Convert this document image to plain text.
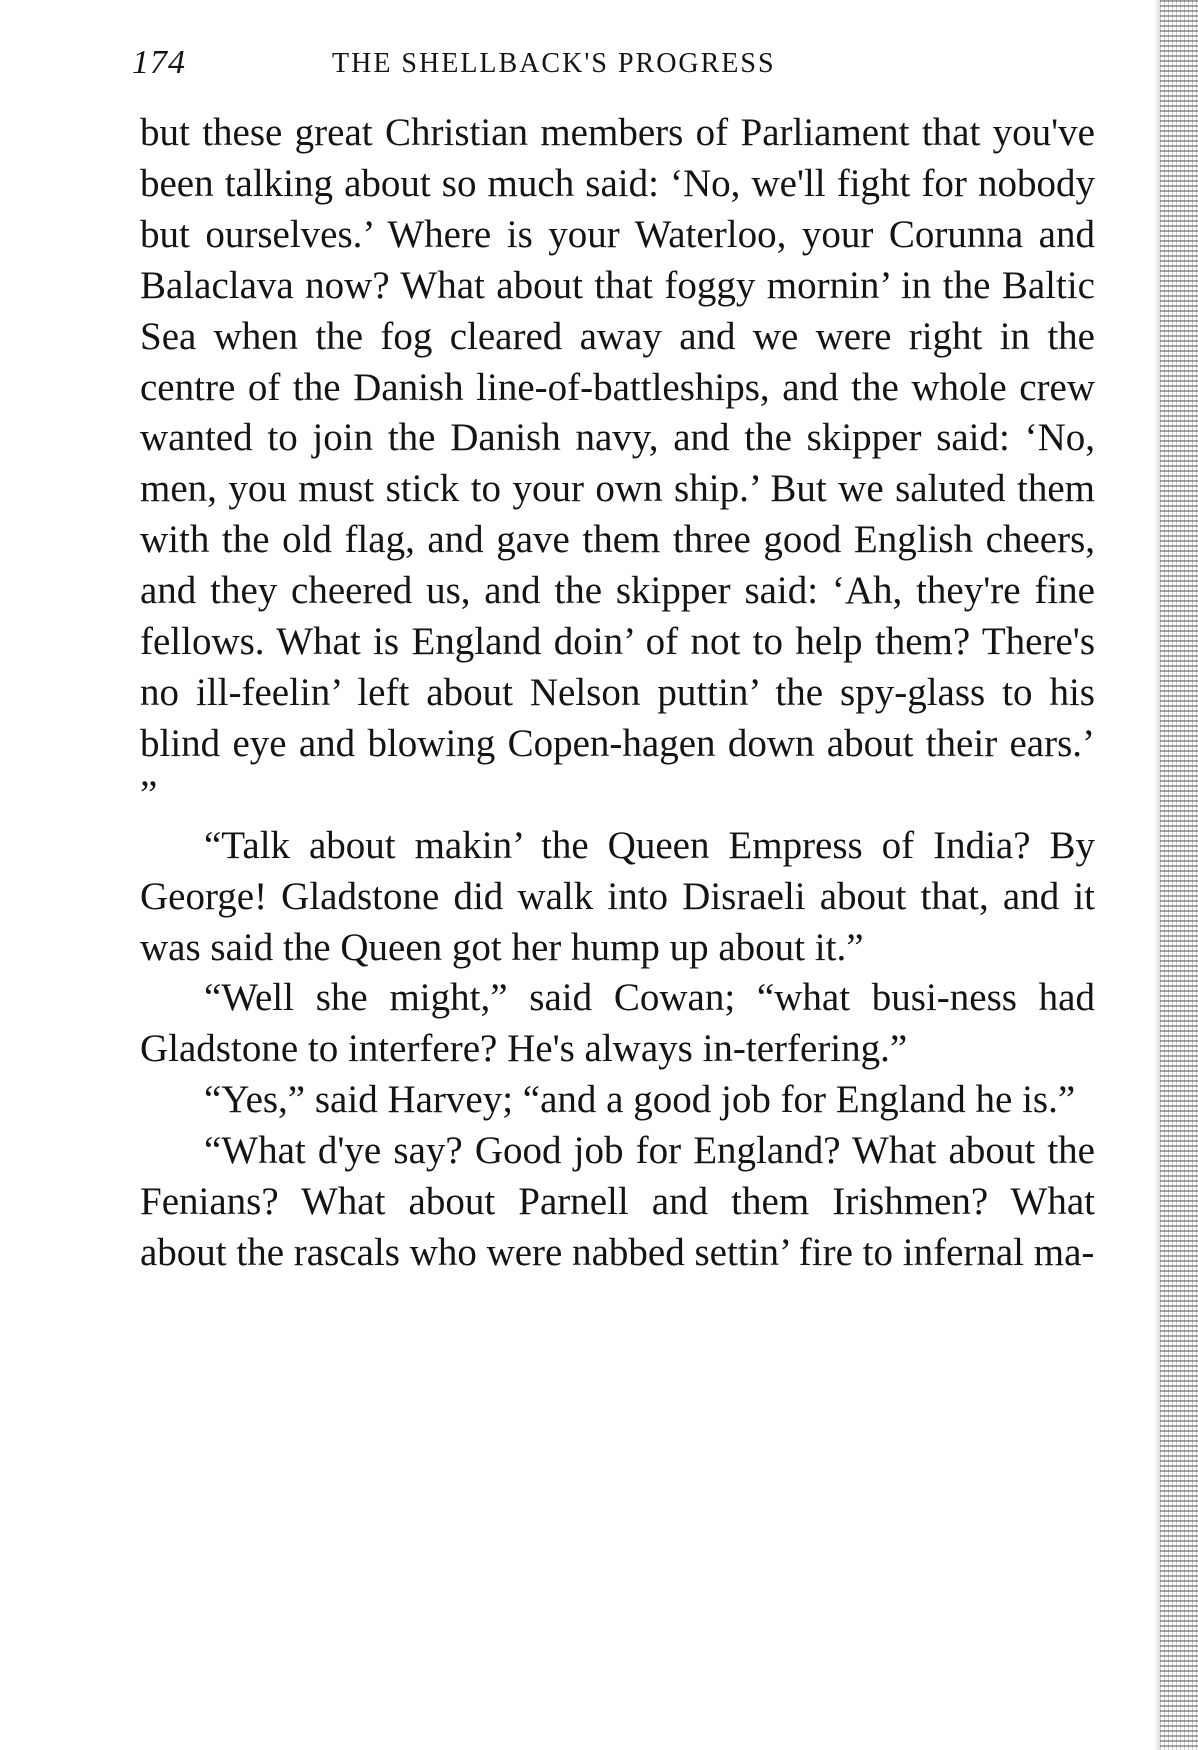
174	THE SHELLBACK'S PROGRESS

but these great Christian members of Parliament that you've been talking about so much said: ‘No, we'll fight for nobody but ourselves.’ Where is your Waterloo, your Corunna and Balaclava now? What about that foggy mornin’ in the Baltic Sea when the fog cleared away and we were right in the centre of the Danish line-of-battleships, and the whole crew wanted to join the Danish navy, and the skipper said: ‘No, men, you must stick to your own ship.’ But we saluted them with the old flag, and gave them three good English cheers, and they cheered us, and the skipper said: ‘Ah, they're fine fellows. What is England doin’ of not to help them? There's no ill-feelin’ left about Nelson puttin’ the spy-glass to his blind eye and blowing Copen-hagen down about their ears.’ ”

“Talk about makin’ the Queen Empress of India? By George! Gladstone did walk into Disraeli about that, and it was said the Queen got her hump up about it.”

“Well she might,” said Cowan; “what busi-ness had Gladstone to interfere? He's always in-terfering.”

“Yes,” said Harvey; “and a good job for England he is.”

“What d'ye say? Good job for England? What about the Fenians? What about Parnell and them Irishmen? What about the rascals who were nabbed settin’ fire to infernal ma-
